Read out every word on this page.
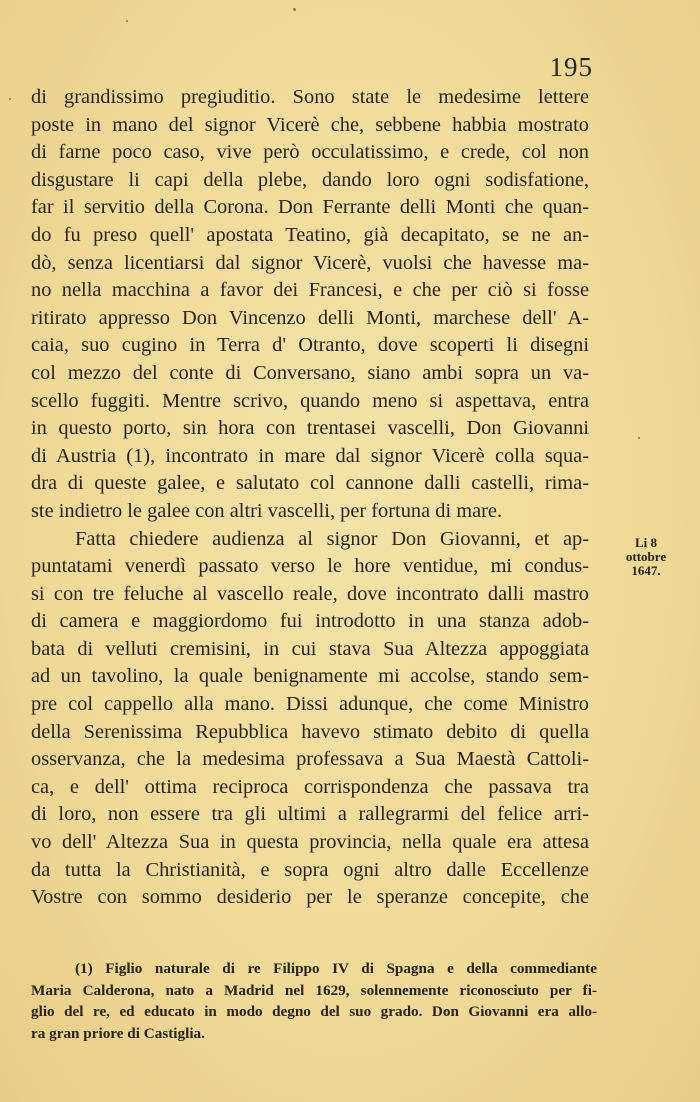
195
di grandissimo pregiuditio. Sono state le medesime lettere
poste in mano del signor Vicerè che, sebbene habbia mostrato
di farne poco caso, vive però occulatissimo, e crede, col non
disgustare li capi della plebe, dando loro ogni sodisfatione,
far il servitio della Corona. Don Ferrante delli Monti che quan-
do fu preso quell' apostata Teatino, già decapitato, se ne an-
dò, senza licentiarsi dal signor Vicerè, vuolsi che havesse ma-
no nella macchina a favor dei Francesi, e che per ciò si fosse
ritirato appresso Don Vincenzo delli Monti, marchese dell' A-
caia, suo cugino in Terra d' Otranto, dove scoperti li disegni
col mezzo del conte di Conversano, siano ambi sopra un va-
scello fuggiti. Mentre scrivo, quando meno si aspettava, entra
in questo porto, sin hora con trentasei vascelli, Don Giovanni
di Austria (1), incontrato in mare dal signor Vicerè colla squa-
dra di queste galee, e salutato col cannone dalli castelli, rima-
ste indietro le galee con altri vascelli, per fortuna di mare.
Fatta chiedere audienza al signor Don Giovanni, et ap-
puntatami venerdì passato verso le hore ventidue, mi condus-
si con tre feluche al vascello reale, dove incontrato dalli mastro
di camera e maggiordomo fui introdotto in una stanza adob-
bata di velluti cremisini, in cui stava Sua Altezza appoggiata
ad un tavolino, la quale benignamente mi accolse, stando sem-
pre col cappello alla mano. Dissi adunque, che come Ministro
della Serenissima Repubblica havevo stimato debito di quella
osservanza, che la medesima professava a Sua Maestà Cattoli-
ca, e dell' ottima reciproca corrispondenza che passava tra
di loro, non essere tra gli ultimi a rallegrarmi del felice arri-
vo dell' Altezza Sua in questa provincia, nella quale era attesa
da tutta la Christianità, e sopra ogni altro dalle Eccellenze
Vostre con sommo desiderio per le speranze concepite, che
Li 8
ottobre
1647.
(1) Figlio naturale di re Filippo IV di Spagna e della commediante
Maria Calderona, nato a Madrid nel 1629, solennemente riconosciuto per fi-
glio del re, ed educato in modo degno del suo grado. Don Giovanni era allo-
ra gran priore di Castiglia.
